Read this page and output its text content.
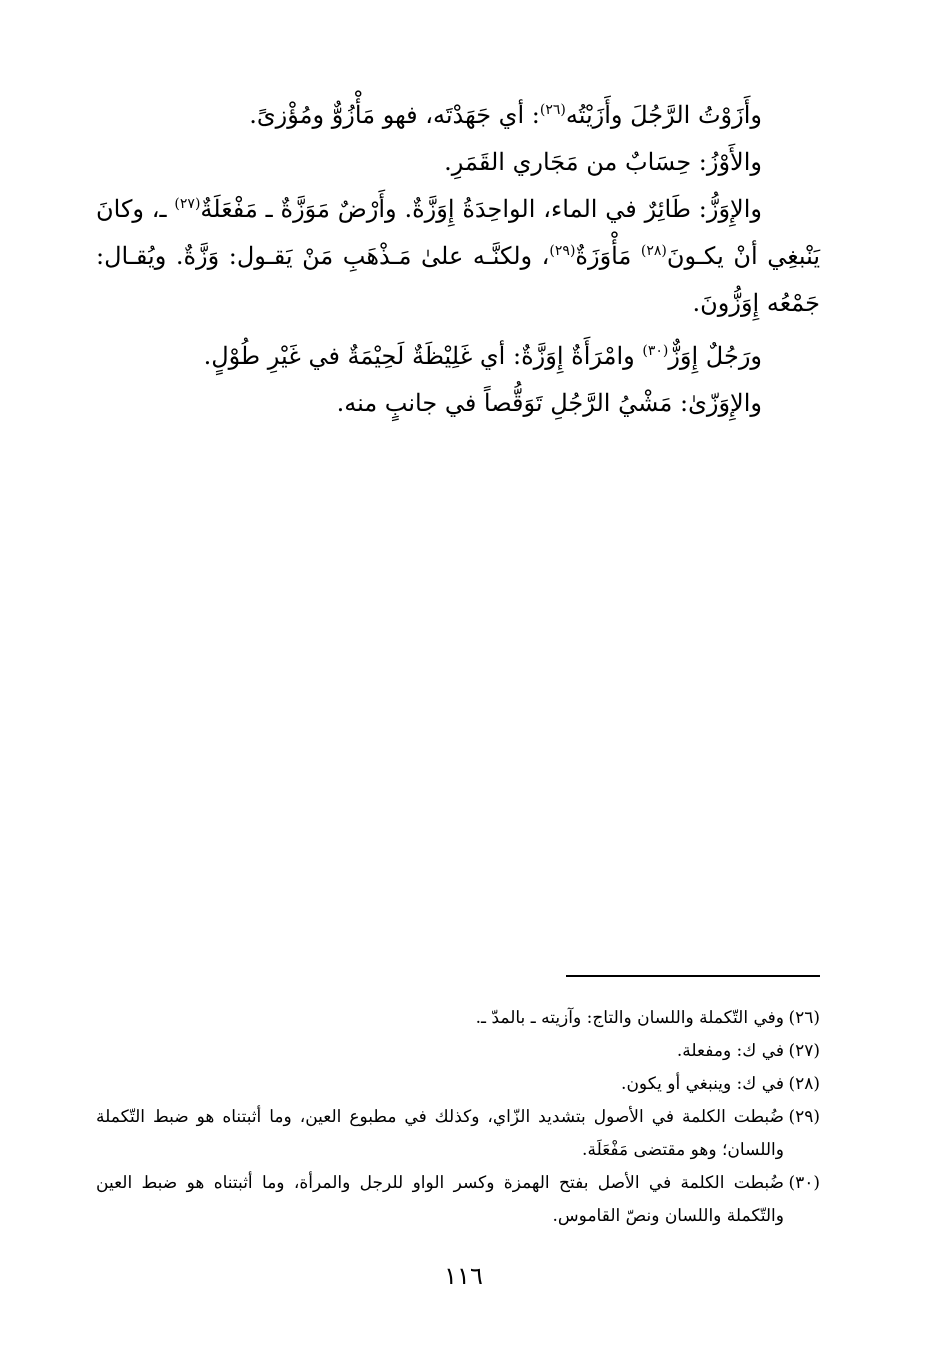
وأَزَوْتُ الرَّجُلَ وأَزَيْتُه$^{(٢٦)}$: أي جَهَدْتَه، فهو مَأْزُوٌّ ومُؤْزىً.

والأَوْزُ: حِسَابٌ من مَجَاري القَمَرِ.

والإِوَزُّ: طَائِرٌ في الماء، الواحِدَةُ إِوَزَّةٌ. وأَرْضٌ مَوَزَّةٌ ـ مَفْعَلَةٌ$^{(٢٧)}$ ـ، وكانَ يَنْبغِي أنْ يكـونَ$^{(٢٨)}$ مَأْوَزَةٌ$^{(٢٩)}$، ولكنَّـه علىٰ مَـذْهَبِ مَنْ يَقـول: وَزَّةٌ. ويُقـال: جَمْعُه إِوَزُّونَ.

ورَجُلٌ إِوَزٌّ$^{(٣٠)}$ وامْرَأَةٌ إِوَزَّةٌ: أي غَلِيْظَةٌ لَحِيْمَةٌ في غَيْرِ طُوْلٍ.

والإِوَزّىٰ: مَشْيُ الرَّجُلِ تَوَقُّصاً في جانبٍ منه.

(٢٦)وفي التّكملة واللسان والتاج: وآزيته ـ بالمدّ ـ.

(٢٧)في ك: ومفعلة.

(٢٨)في ك: وينبغي أو يكون.

(٢٩)ضُبطت الكلمة في الأصول بتشديد الزّاي، وكذلك في مطبوع العين، وما أثبتناه هو ضبط التّكملة واللسان؛ وهو مقتضى مَفْعَلَة.

(٣٠)ضُبطت الكلمة في الأصل بفتح الهمزة وكسر الواو للرجل والمرأة، وما أثبتناه هو ضبط العين والتّكملة واللسان ونصّ القاموس.

١١٦
